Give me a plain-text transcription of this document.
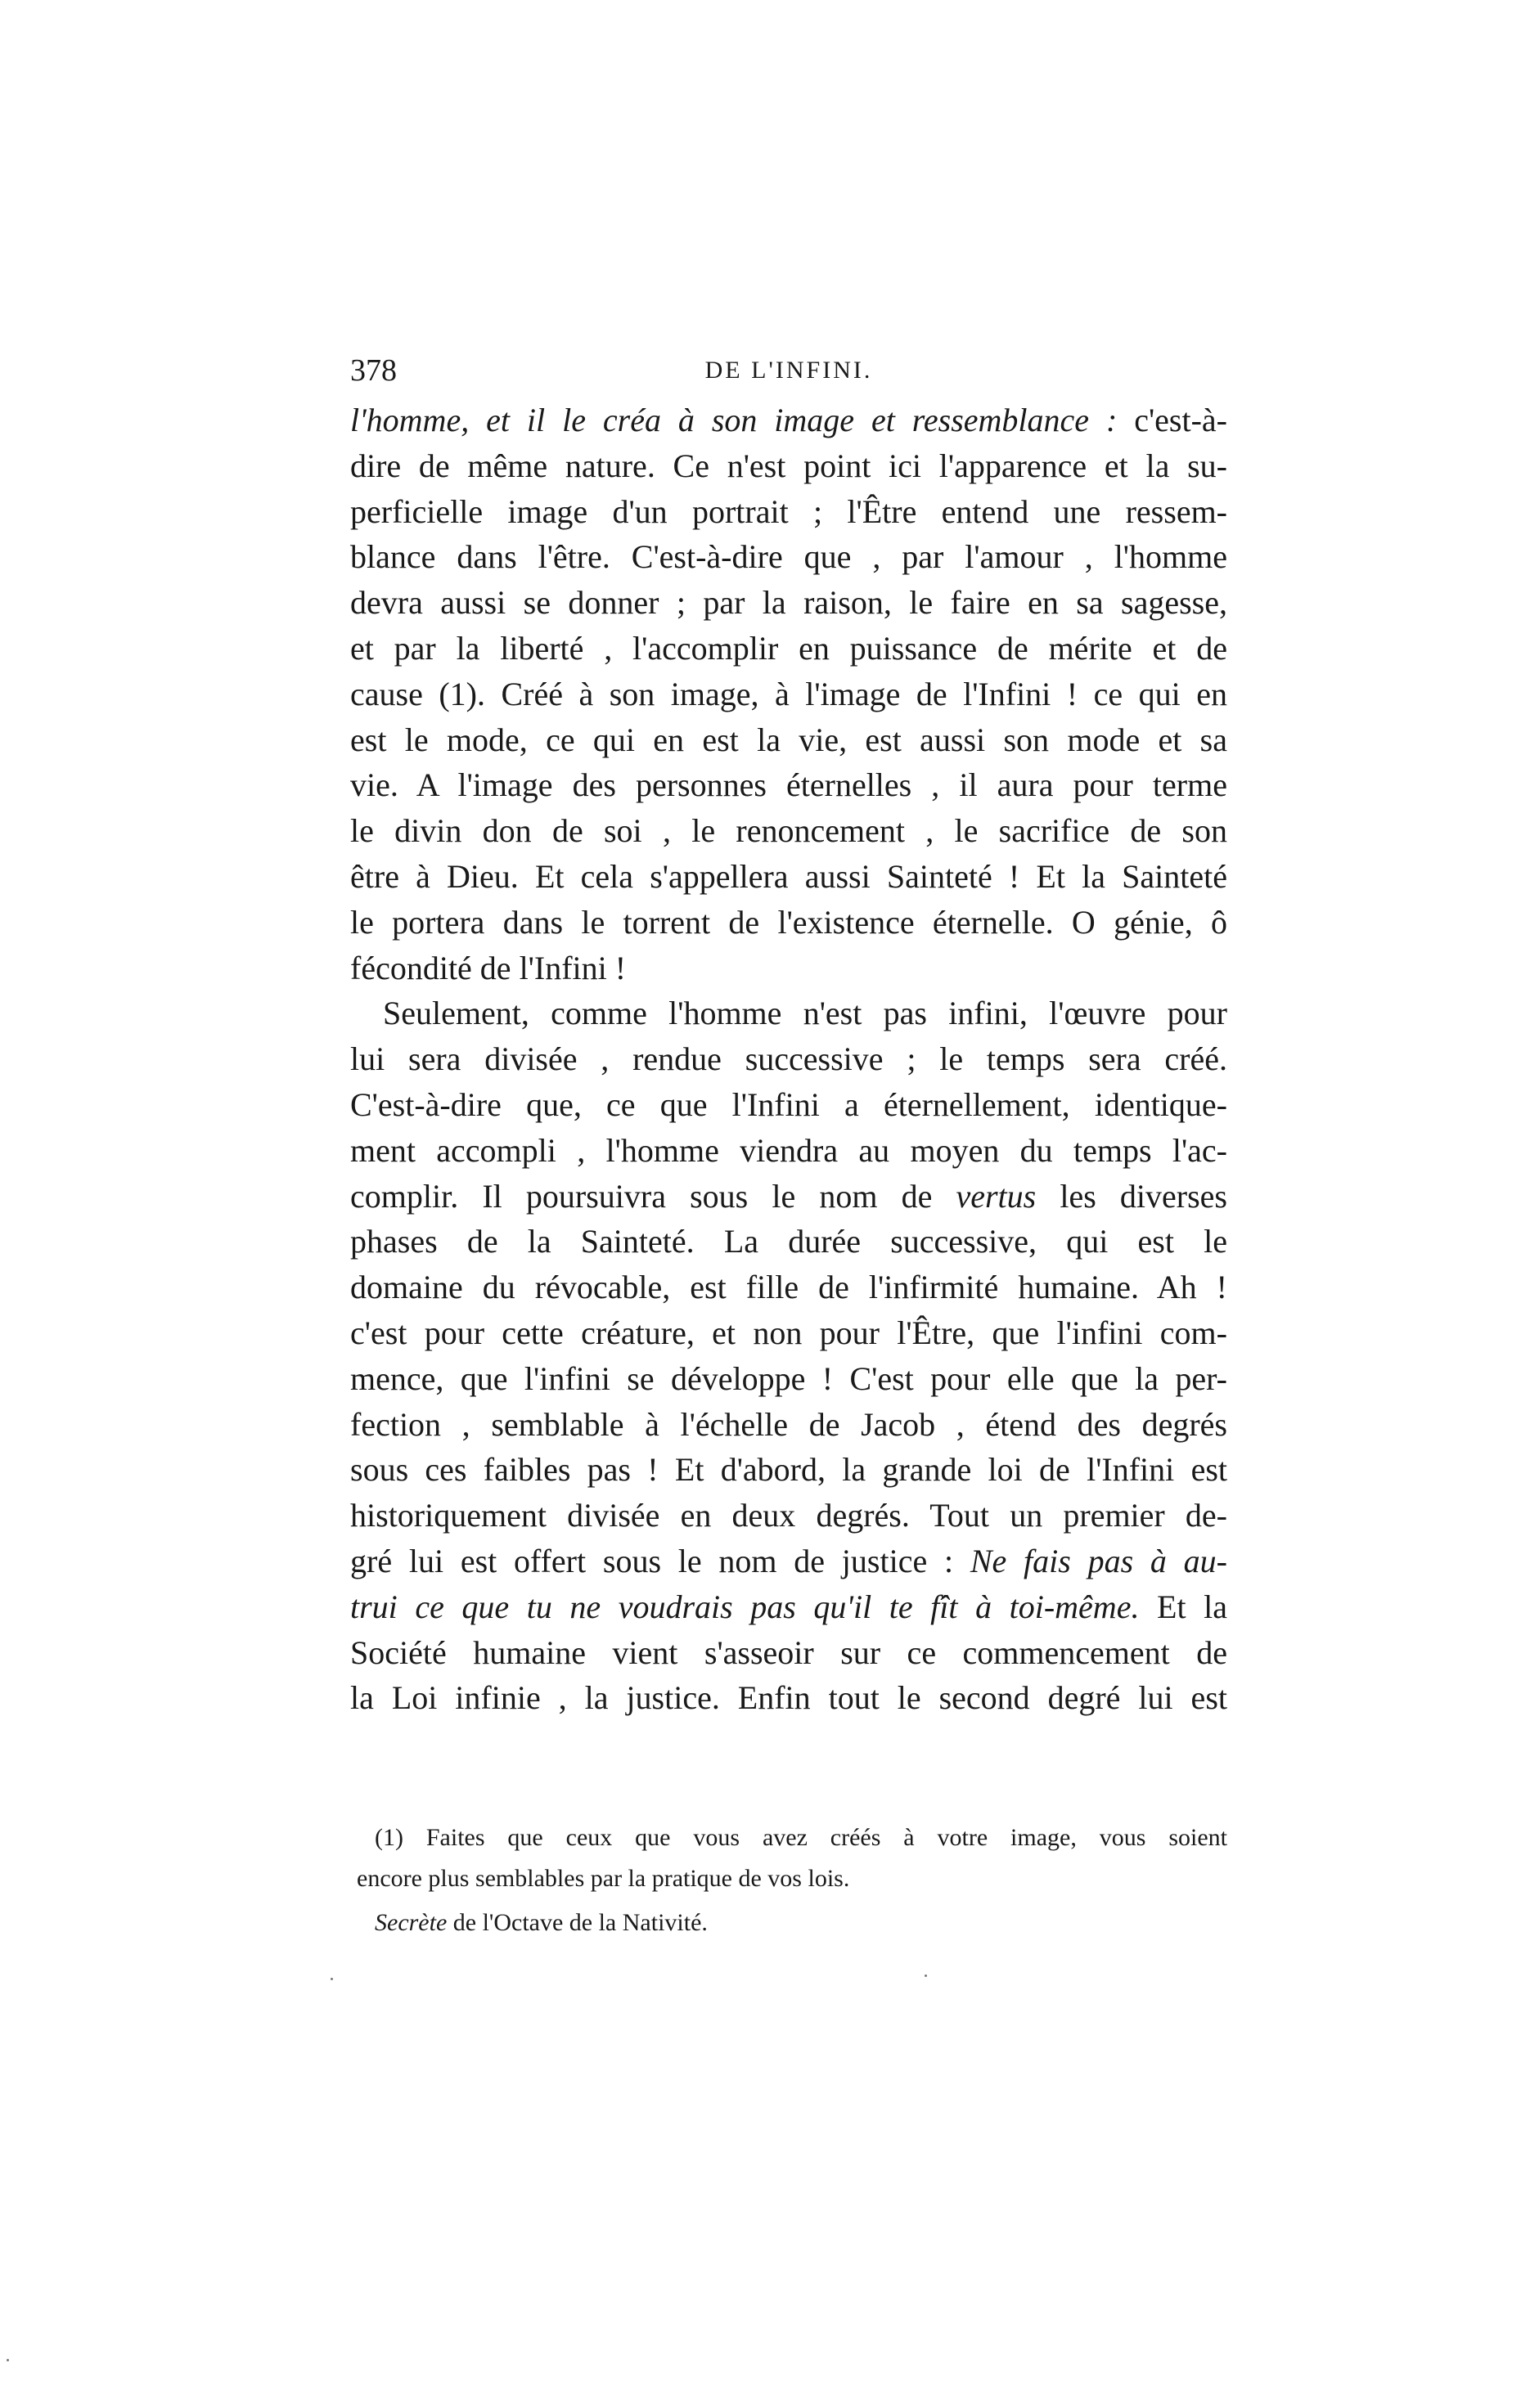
378	DE L'INFINI.

l'homme, et il le créa à son image et ressemblance : c'est-à-
dire de même nature. Ce n'est point ici l'apparence et la su-
perficielle image d'un portrait ; l'Être entend une ressem-
blance dans l'être. C'est-à-dire que , par l'amour , l'homme
devra aussi se donner ; par la raison, le faire en sa sagesse,
et par la liberté , l'accomplir en puissance de mérite et de
cause (1). Créé à son image, à l'image de l'Infini ! ce qui en
est le mode, ce qui en est la vie, est aussi son mode et sa
vie. A l'image des personnes éternelles , il aura pour terme
le divin don de soi , le renoncement , le sacrifice de son
être à Dieu. Et cela s'appellera aussi Sainteté ! Et la Sainteté
le portera dans le torrent de l'existence éternelle. O génie, ô
fécondité de l'Infini !

Seulement, comme l'homme n'est pas infini, l'œuvre pour
lui sera divisée , rendue successive ; le temps sera créé.
C'est-à-dire que, ce que l'Infini a éternellement, identique-
ment accompli , l'homme viendra au moyen du temps l'ac-
complir. Il poursuivra sous le nom de vertus les diverses
phases de la Sainteté. La durée successive, qui est le
domaine du révocable, est fille de l'infirmité humaine. Ah !
c'est pour cette créature, et non pour l'Être, que l'infini com-
mence, que l'infini se développe ! C'est pour elle que la per-
fection , semblable à l'échelle de Jacob , étend des degrés
sous ces faibles pas ! Et d'abord, la grande loi de l'Infini est
historiquement divisée en deux degrés. Tout un premier de-
gré lui est offert sous le nom de justice : Ne fais pas à au-
trui ce que tu ne voudrais pas qu'il te fît à toi-même. Et la
Société humaine vient s'asseoir sur ce commencement de
la Loi infinie , la justice. Enfin tout le second degré lui est

(1) Faites que ceux que vous avez créés à votre image, vous soient
encore plus semblables par la pratique de vos lois.
Secrète de l'Octave de la Nativité.
